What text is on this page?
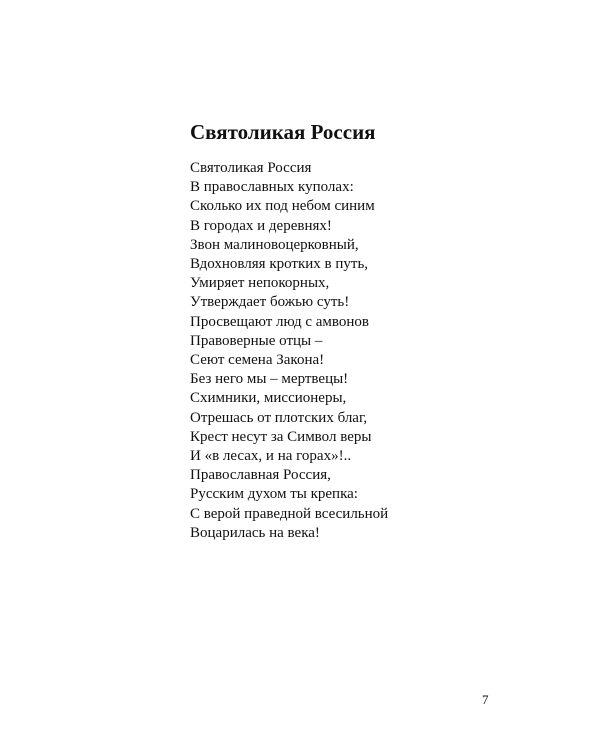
Святоликая Россия
Святоликая Россия
В православных куполах:
Сколько их под небом синим
В городах и деревнях!
Звон малиновоцерковный,
Вдохновляя кротких в путь,
Умиряет непокорных,
Утверждает божью суть!
Просвещают люд с амвонов
Правоверные отцы –
Сеют семена Закона!
Без него мы – мертвецы!
Схимники, миссионеры,
Отрешась от плотских благ,
Крест несут за Символ веры
И «в лесах, и на горах»!..
Православная Россия,
Русским духом ты крепка:
С верой праведной всесильной
Воцарилась на века!
7
